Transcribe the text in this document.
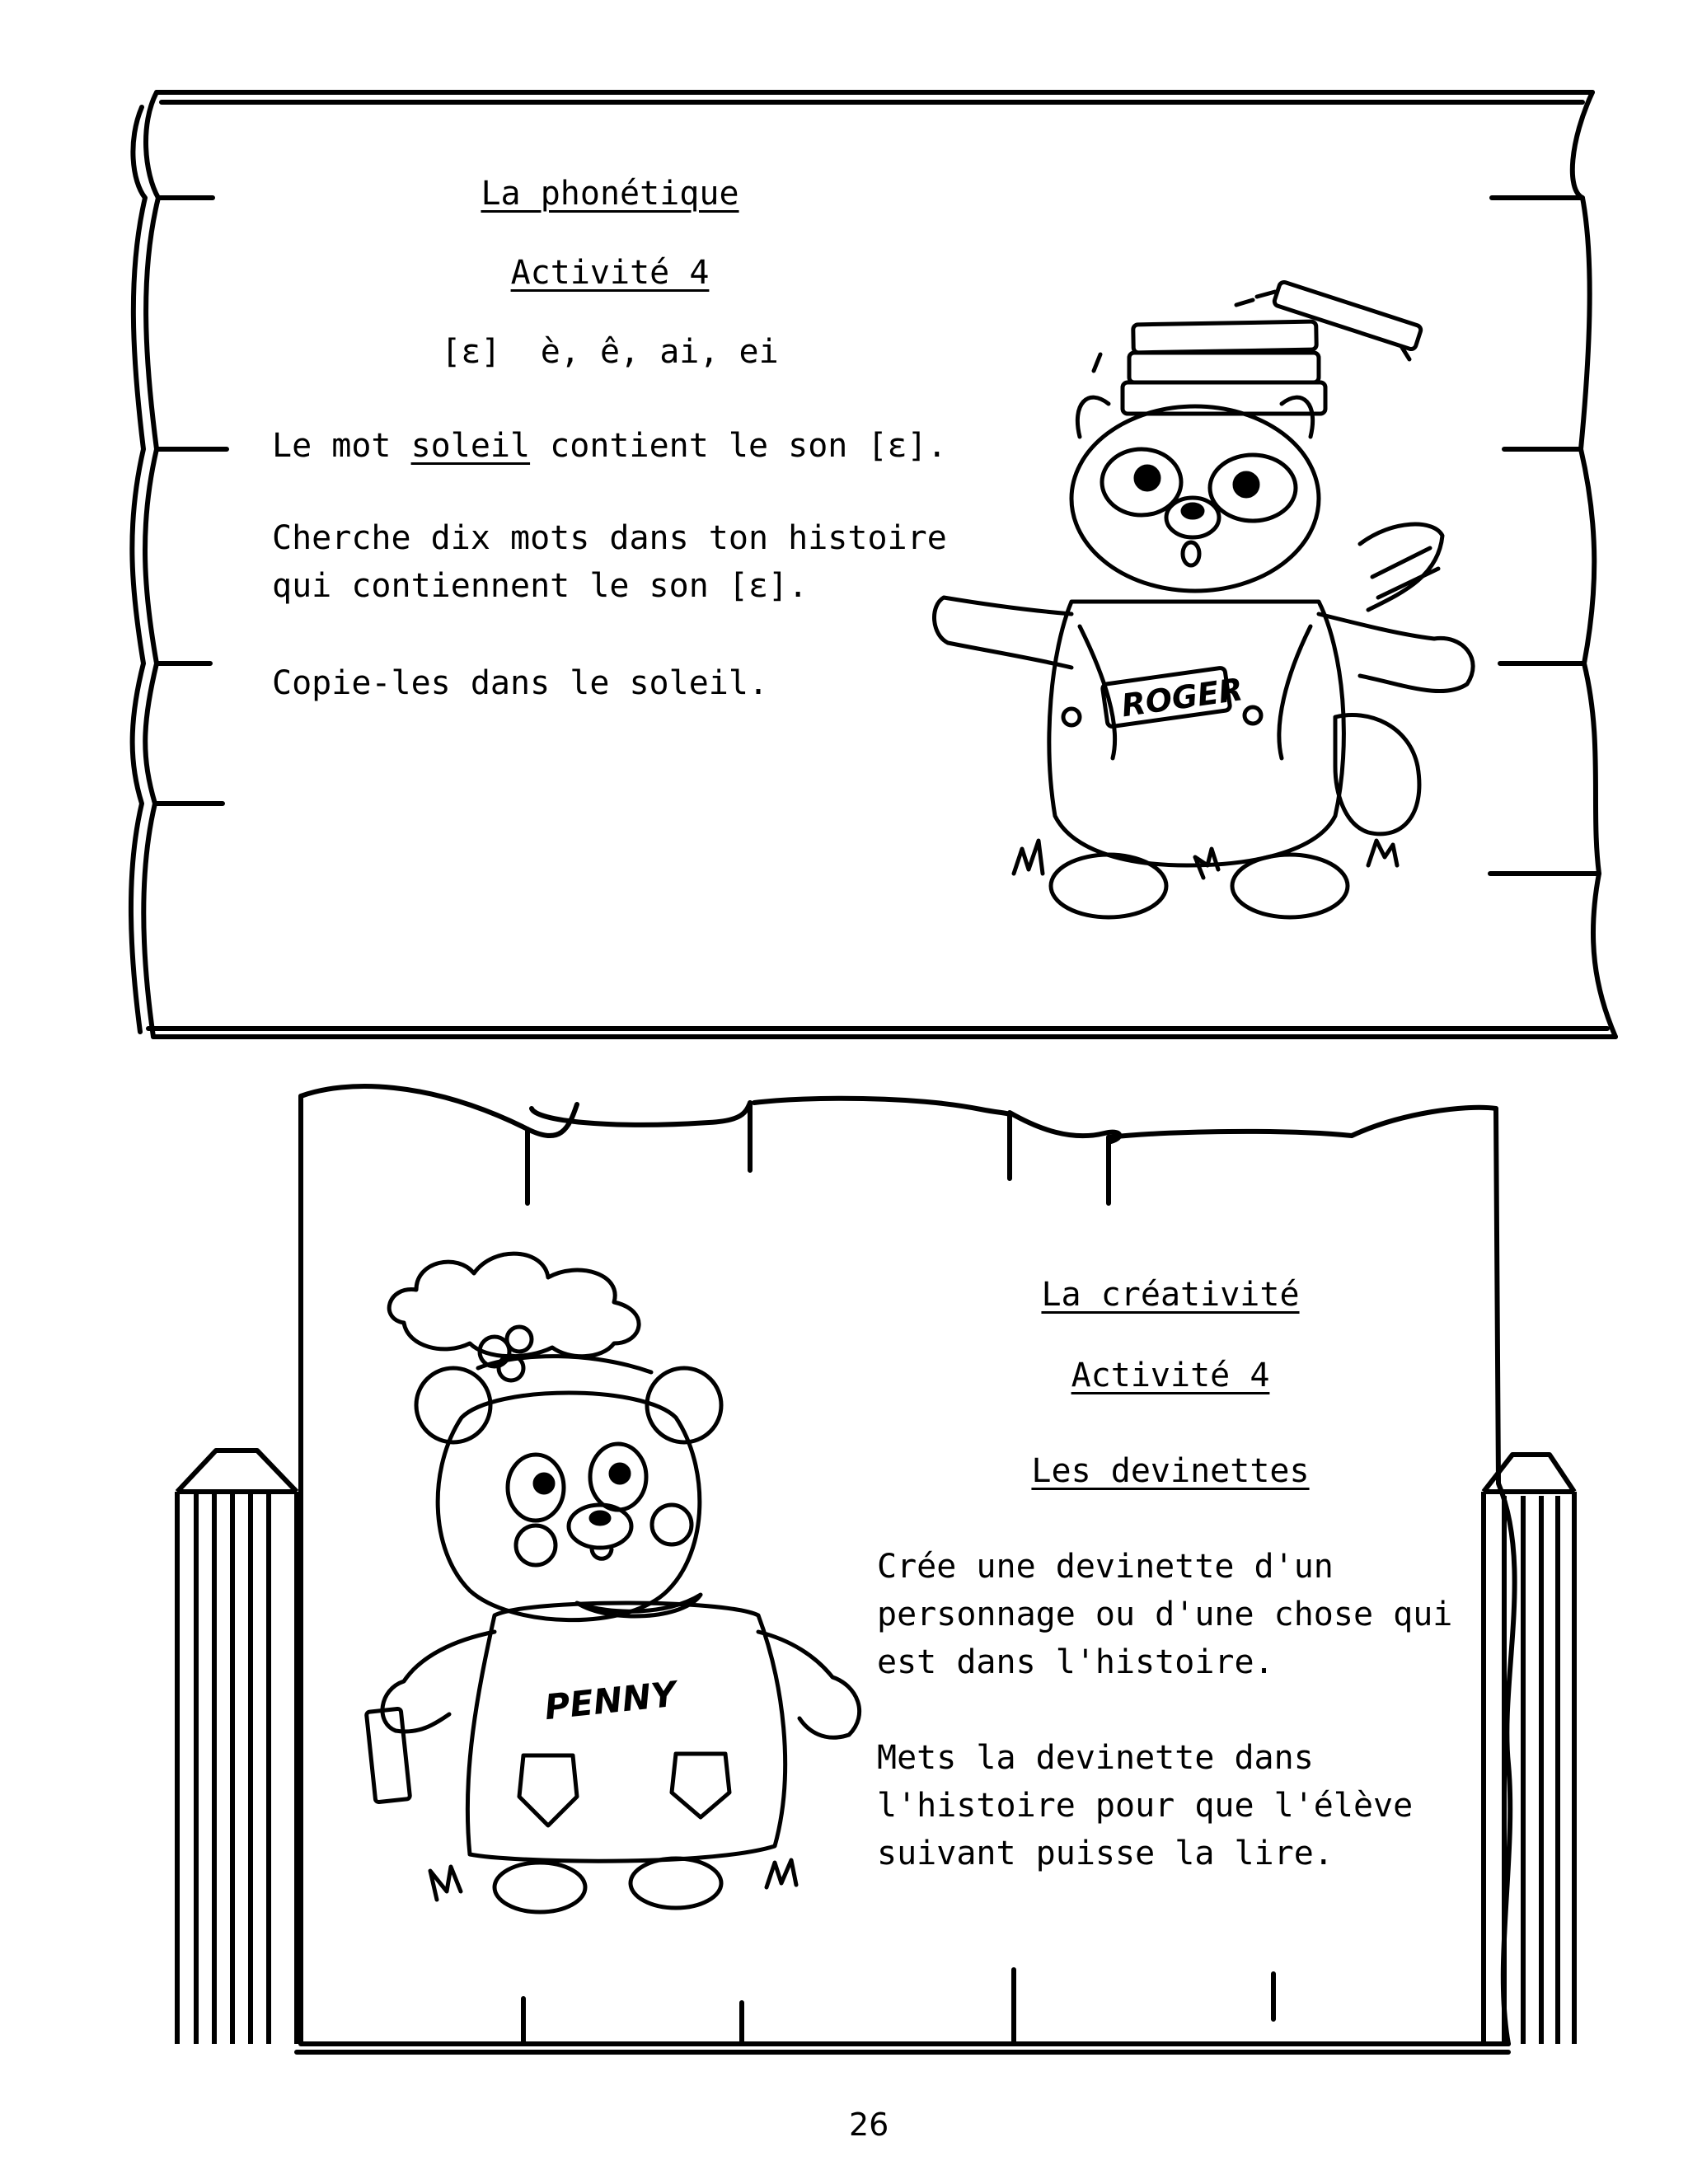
ROGER
PENNY
La phonétique
Activité 4
[ɛ]  è, ê, ai, ei
Le mot soleil contient le son [ɛ].
Cherche dix mots dans ton histoire
qui contiennent le son [ɛ].
Copie-les dans le soleil.
La créativité
Activité 4
Les devinettes
Crée une devinette d'un
personnage ou d'une chose qui
est dans l'histoire.
Mets la devinette dans
l'histoire pour que l'élève
suivant puisse la lire.
26
